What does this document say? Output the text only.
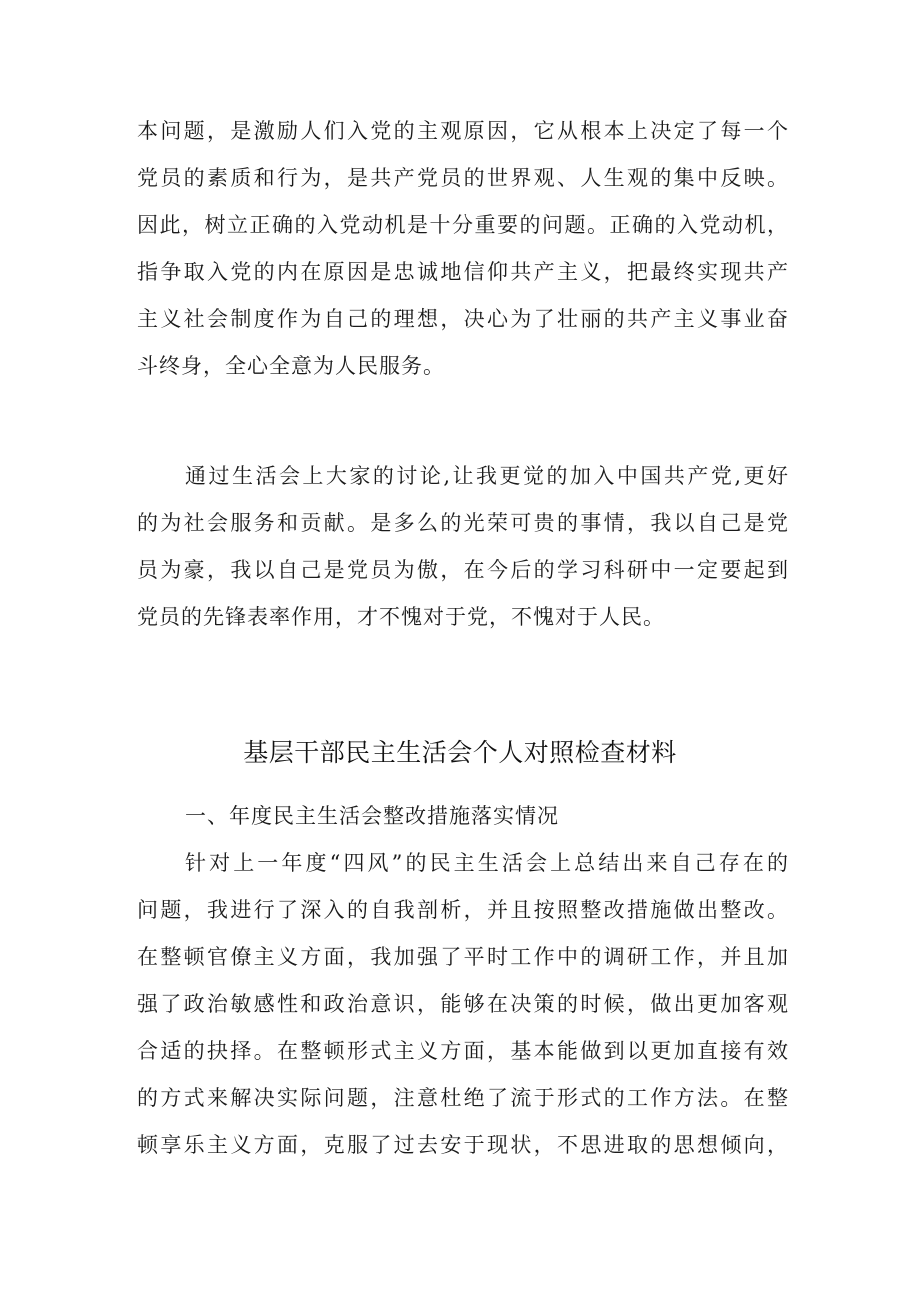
本问题，是激励人们入党的主观原因，它从根本上决定了每一个
党员的素质和行为，是共产党员的世界观、人生观的集中反映。
因此，树立正确的入党动机是十分重要的问题。正确的入党动机，
指争取入党的内在原因是忠诚地信仰共产主义，把最终实现共产
主义社会制度作为自己的理想，决心为了壮丽的共产主义事业奋
斗终身，全心全意为人民服务。
通过生活会上大家的讨论,让我更觉的加入中国共产党,更好
的为社会服务和贡献。是多么的光荣可贵的事情，我以自己是党
员为豪，我以自己是党员为傲，在今后的学习科研中一定要起到
党员的先锋表率作用，才不愧对于党，不愧对于人民。
基层干部民主生活会个人对照检查材料
一、年度民主生活会整改措施落实情况
针对上一年度“四风”的民主生活会上总结出来自己存在的
问题，我进行了深入的自我剖析，并且按照整改措施做出整改。
在整顿官僚主义方面，我加强了平时工作中的调研工作，并且加
强了政治敏感性和政治意识，能够在决策的时候，做出更加客观
合适的抉择。在整顿形式主义方面，基本能做到以更加直接有效
的方式来解决实际问题，注意杜绝了流于形式的工作方法。在整
顿享乐主义方面，克服了过去安于现状，不思进取的思想倾向，
